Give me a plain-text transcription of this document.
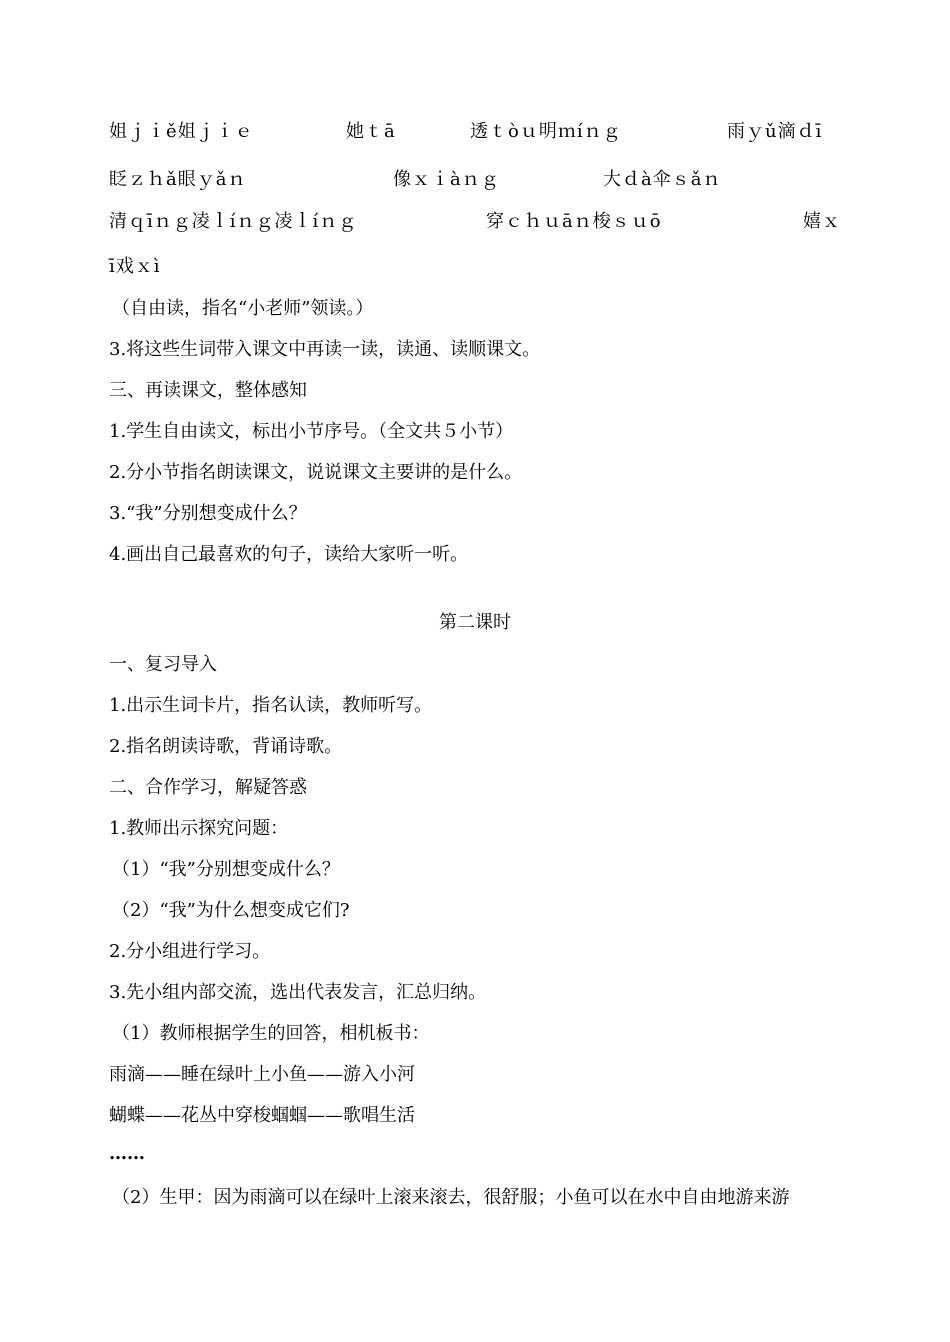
姐ｊｉě姐ｊｉｅ	她ｔā	透ｔòｕ明ｍíｎｇ	雨ｙǔ滴ｄī
眨ｚｈǎ眼ｙǎｎ	像ｘｉàｎｇ	大ｄà伞ｓǎｎ
清ｑīｎｇ凌ｌíｎｇ凌ｌíｎｇ	穿ｃｈｕāｎ梭ｓｕō	嬉ｘ
ī戏ｘì
（自由读，指名“小老师”领读。）
3.将这些生词带入课文中再读一读，读通、读顺课文。
三、再读课文，整体感知
1.学生自由读文，标出小节序号。（全文共５小节）
2.分小节指名朗读课文，说说课文主要讲的是什么。
3.“我”分别想变成什么？
4.画出自己最喜欢的句子，读给大家听一听。
第二课时
一、复习导入
1.出示生词卡片，指名认读，教师听写。
2.指名朗读诗歌，背诵诗歌。
二、合作学习，解疑答惑
1.教师出示探究问题：
（1）“我”分别想变成什么？
（2）“我”为什么想变成它们?
2.分小组进行学习。
3.先小组内部交流，选出代表发言，汇总归纳。
（1）教师根据学生的回答，相机板书：
雨滴——睡在绿叶上小鱼——游入小河
蝴蝶——花丛中穿梭蝈蝈——歌唱生活
……
（2）生甲：因为雨滴可以在绿叶上滚来滚去，很舒服；小鱼可以在水中自由地游来游
